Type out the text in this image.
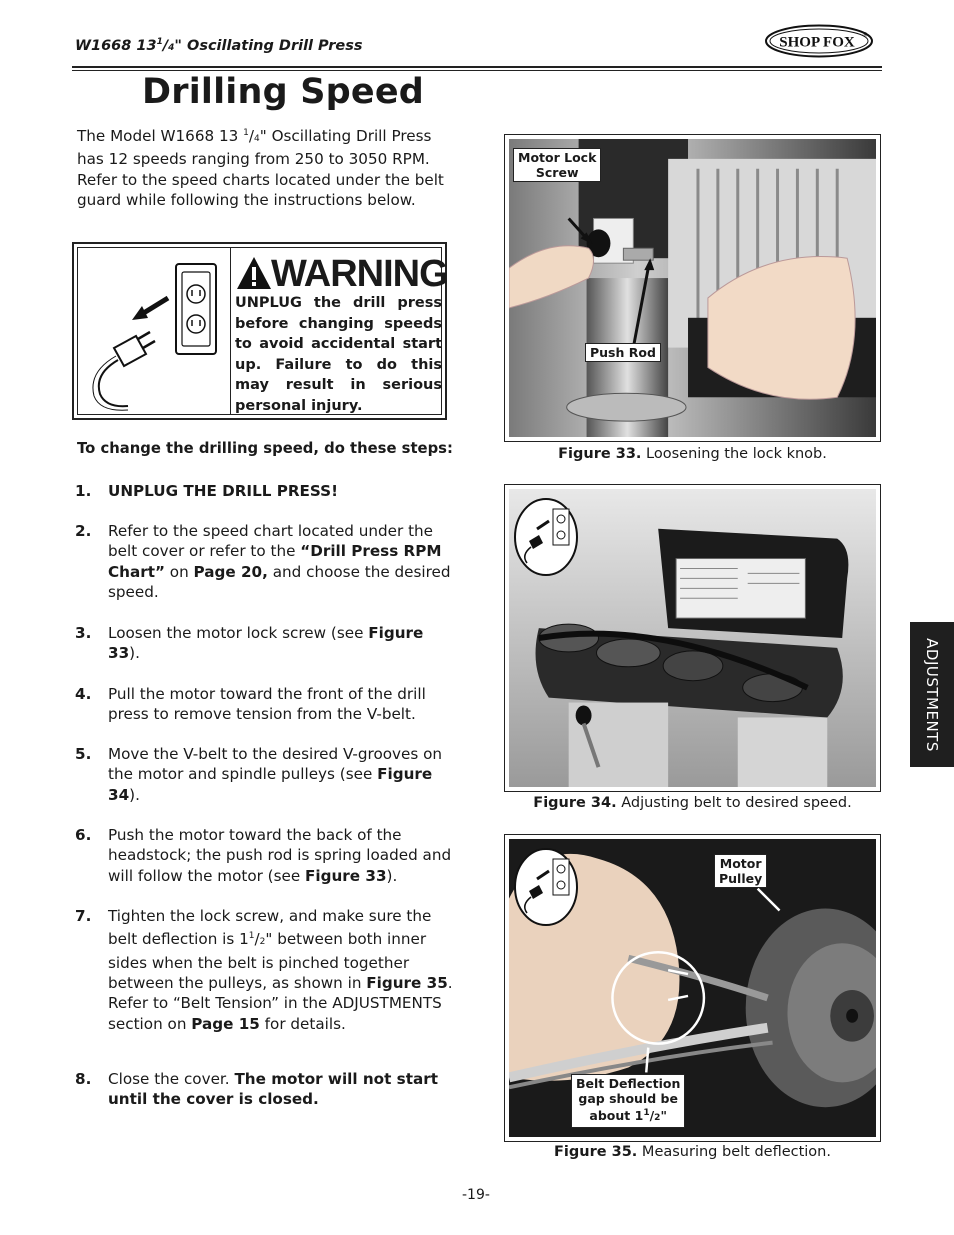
W1668 $13^1/4$" Oscillating Drill Press	SHOP FOX ®
Drilling Speed
The Model W1668 13 $^1$/4" Oscillating Drill Press has 12 speeds ranging from 250 to 3050 RPM. Refer to the speed charts located under the belt guard while following the instructions below.
WARNING
UNPLUG the drill press before changing speeds to avoid accidental start up. Failure to do this may result in serious personal injury.
To change the drilling speed, do these steps:
1. UNPLUG THE DRILL PRESS!
2. Refer to the speed chart located under the belt cover or refer to the “Drill Press RPM Chart” on Page 20, and choose the desired speed.
3. Loosen the motor lock screw (see Figure 33).
4. Pull the motor toward the front of the drill press to remove tension from the V-belt.
5. Move the V-belt to the desired V-grooves on the motor and spindle pulleys (see Figure 34).
6. Push the motor toward the back of the headstock; the push rod is spring loaded and will follow the motor (see Figure 33).
7. Tighten the lock screw, and make sure the belt deflection is $1^1/2$" between both inner sides when the belt is pinched together between the pulleys, as shown in Figure 35. Refer to “Belt Tension” in the ADJUSTMENTS section on Page 15 for details.
8. Close the cover. The motor will not start until the cover is closed.
Motor Lock
Screw
Push Rod
Figure 33. Loosening the lock knob.
Figure 34. Adjusting belt to desired speed.
Motor
Pulley
Belt Deflection
gap should be
about $1^1/2$"
Figure 35. Measuring belt deflection.
ADJUSTMENTS
-19-
